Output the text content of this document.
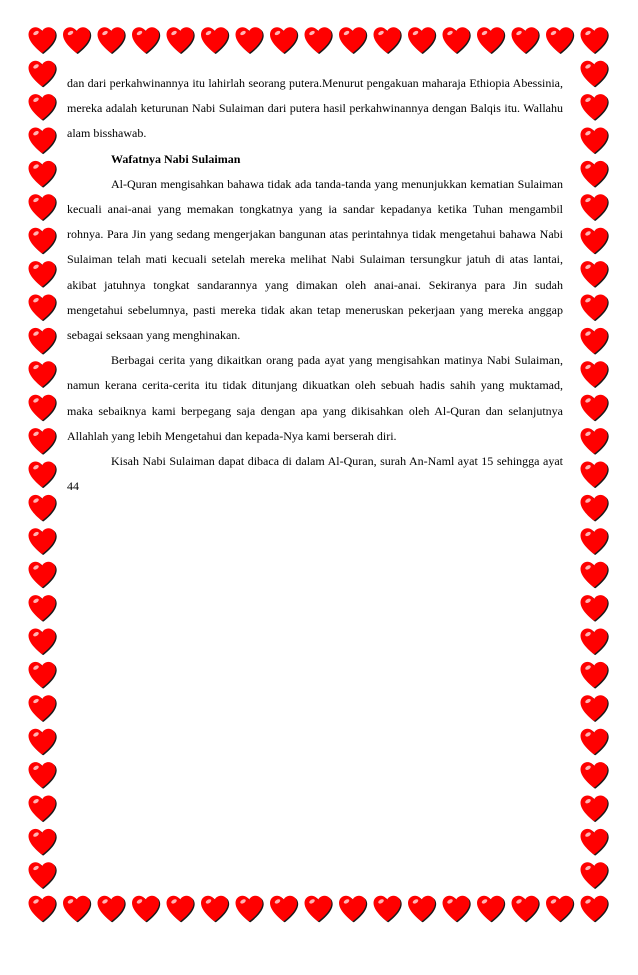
dan dari perkahwinannya itu lahirlah seorang putera.Menurut pengakuan maharaja Ethiopia Abessinia, mereka adalah keturunan Nabi Sulaiman dari putera hasil perkahwinannya dengan Balqis itu. Wallahu alam bisshawab.

Wafatnya Nabi Sulaiman

Al-Quran mengisahkan bahawa tidak ada tanda-tanda yang menunjukkan kematian Sulaiman kecuali anai-anai yang memakan tongkatnya yang ia sandar kepadanya ketika Tuhan mengambil rohnya. Para Jin yang sedang mengerjakan bangunan atas perintahnya tidak mengetahui bahawa Nabi Sulaiman telah mati kecuali setelah mereka melihat Nabi Sulaiman tersungkur jatuh di atas lantai, akibat jatuhnya tongkat sandarannya yang dimakan oleh anai-anai. Sekiranya para Jin sudah mengetahui sebelumnya, pasti mereka tidak akan tetap meneruskan pekerjaan yang mereka anggap sebagai seksaan yang menghinakan.

Berbagai cerita yang dikaitkan orang pada ayat yang mengisahkan matinya Nabi Sulaiman, namun kerana cerita-cerita itu tidak ditunjang dikuatkan oleh sebuah hadis sahih yang muktamad, maka sebaiknya kami berpegang saja dengan apa yang dikisahkan oleh Al-Quran dan selanjutnya Allahlah yang lebih Mengetahui dan kepada-Nya kami berserah diri.

Kisah Nabi Sulaiman dapat dibaca di dalam Al-Quran, surah An-Naml ayat 15 sehingga ayat 44
